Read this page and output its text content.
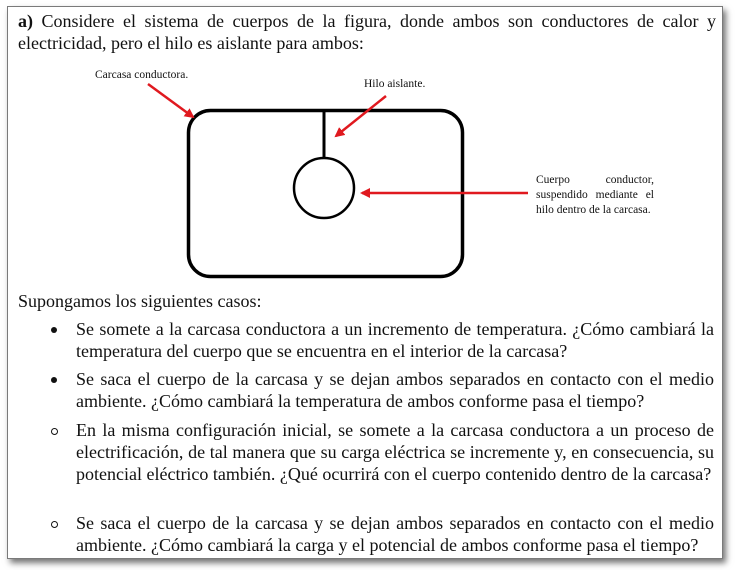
a) Considere el sistema de cuerpos de la figura, donde ambos son conductores de calor y electricidad, pero el hilo es aislante para ambos:
Carcasa conductora.
Hilo aislante.
Cuerpo conductor, suspendido mediante el hilo dentro de la carcasa.
Supongamos los siguientes casos:
Se somete a la carcasa conductora a un incremento de temperatura. ¿Cómo cambiará la temperatura del cuerpo que se encuentra en el interior de la carcasa?
Se saca el cuerpo de la carcasa y se dejan ambos separados en contacto con el medio ambiente. ¿Cómo cambiará la temperatura de ambos conforme pasa el tiempo?
En la misma configuración inicial, se somete a la carcasa conductora a un proceso de electrificación, de tal manera que su carga eléctrica se incremente y, en consecuencia, su potencial eléctrico también. ¿Qué ocurrirá con el cuerpo contenido dentro de la carcasa?
Se saca el cuerpo de la carcasa y se dejan ambos separados en contacto con el medio ambiente. ¿Cómo cambiará la carga y el potencial de ambos conforme pasa el tiempo?
